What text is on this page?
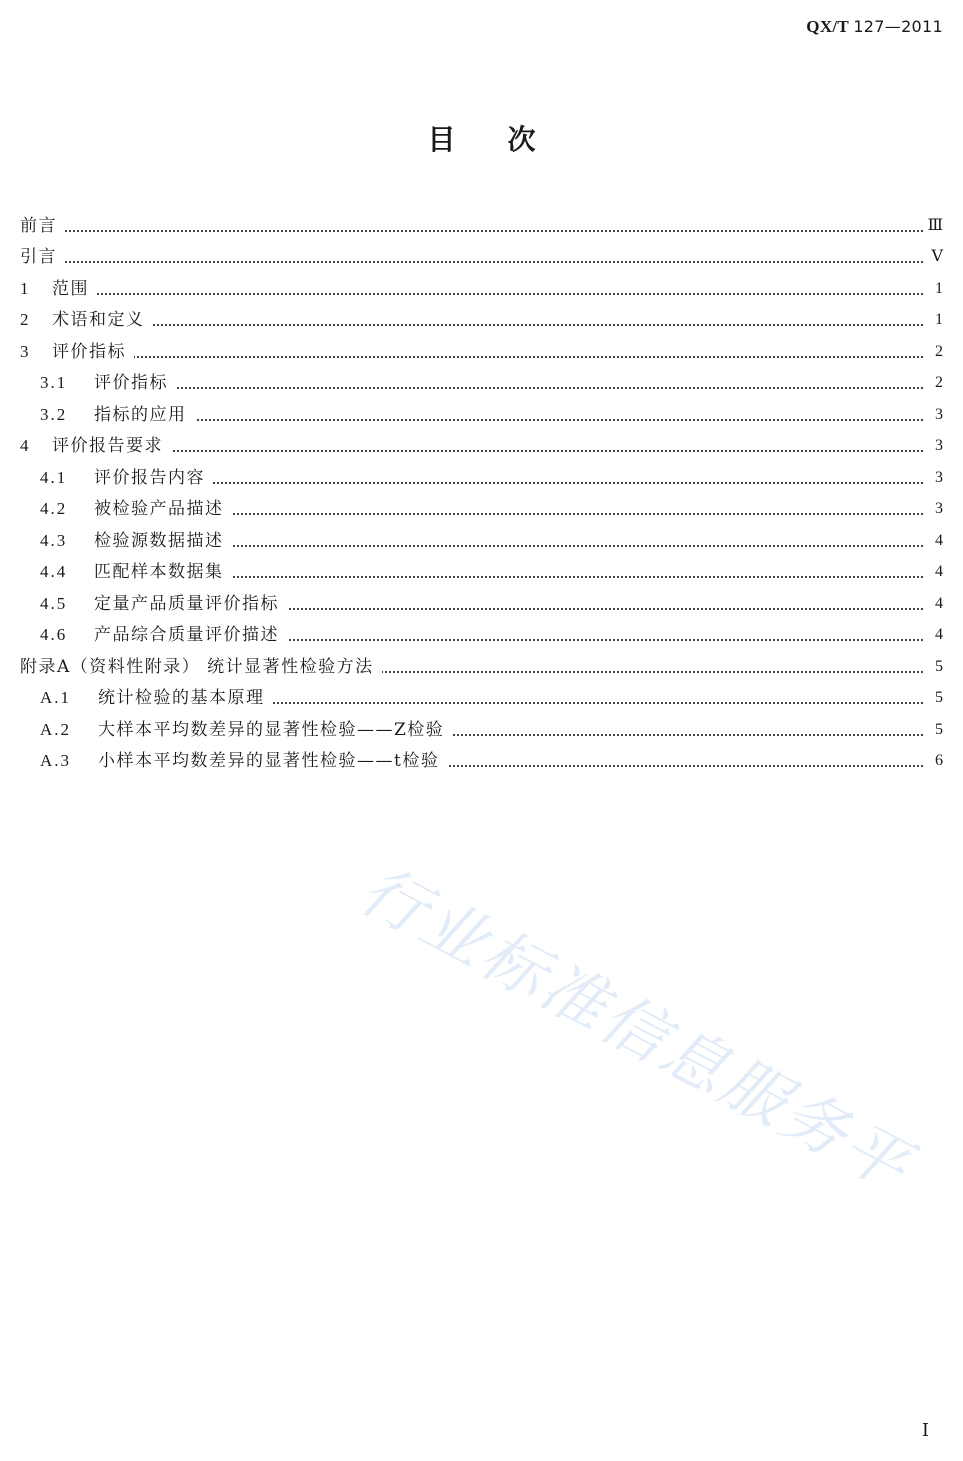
QX/T 127—2011
目次
前言	Ⅲ
引言	Ⅴ
1 范围	1
2 术语和定义	1
3 评价指标	2
3.1 评价指标	2
3.2 指标的应用	3
4 评价报告要求	3
4.1 评价报告内容	3
4.2 被检验产品描述	3
4.3 检验源数据描述	4
4.4 匹配样本数据集	4
4.5 定量产品质量评价指标	4
4.6 产品综合质量评价描述	4
附录A（资料性附录） 统计显著性检验方法	5
A.1 统计检验的基本原理	5
A.2 大样本平均数差异的显著性检验——Z检验	5
A.3 小样本平均数差异的显著性检验——t检验	6
行业标准信息服务平
Ⅰ
